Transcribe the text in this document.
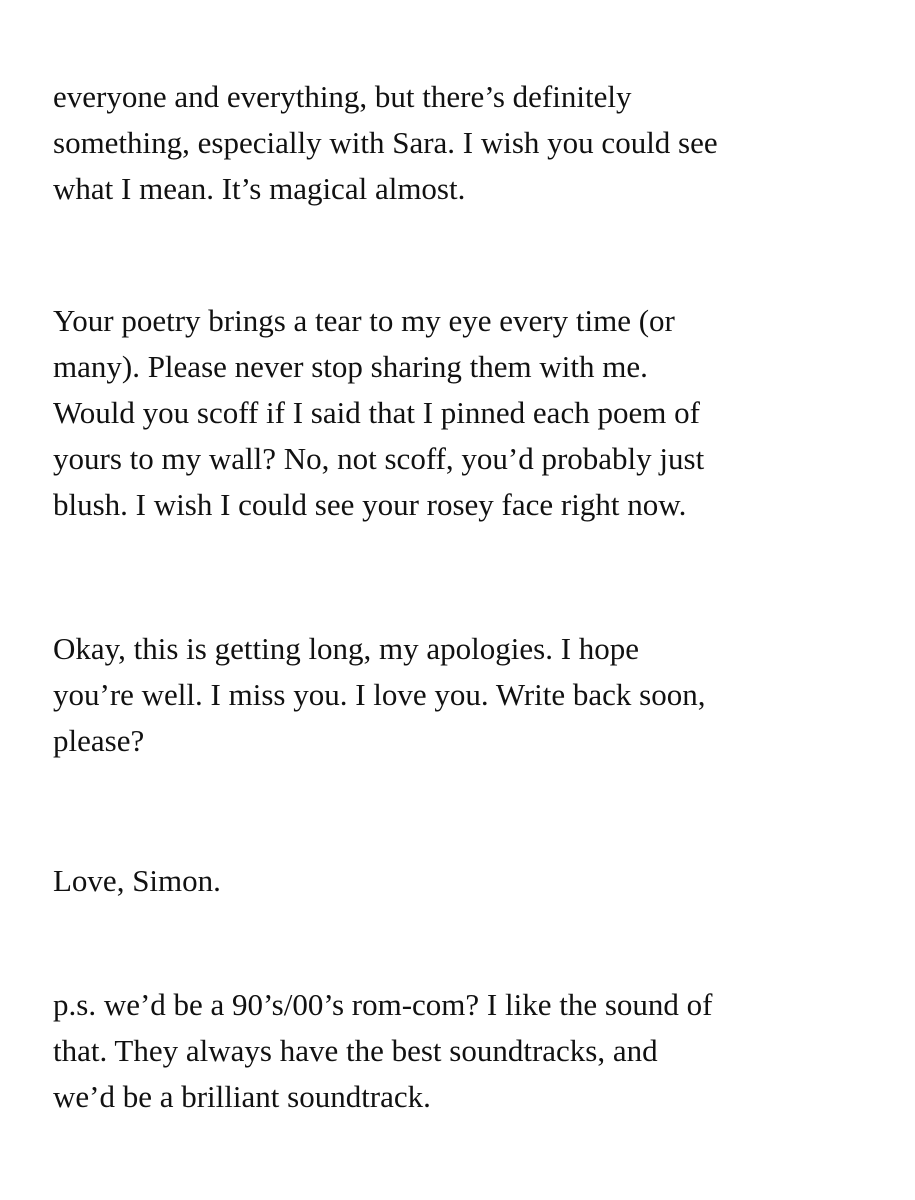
everyone and everything, but there’s definitely
something, especially with Sara. I wish you could see
what I mean. It’s magical almost.

Your poetry brings a tear to my eye every time (or
many). Please never stop sharing them with me.
Would you scoff if I said that I pinned each poem of
yours to my wall? No, not scoff, you’d probably just
blush. I wish I could see your rosey face right now.

Okay, this is getting long, my apologies. I hope
you’re well. I miss you. I love you. Write back soon,
please?

Love, Simon.

p.s. we’d be a 90’s/00’s rom-com? I like the sound of
that. They always have the best soundtracks, and
we’d be a brilliant soundtrack.
